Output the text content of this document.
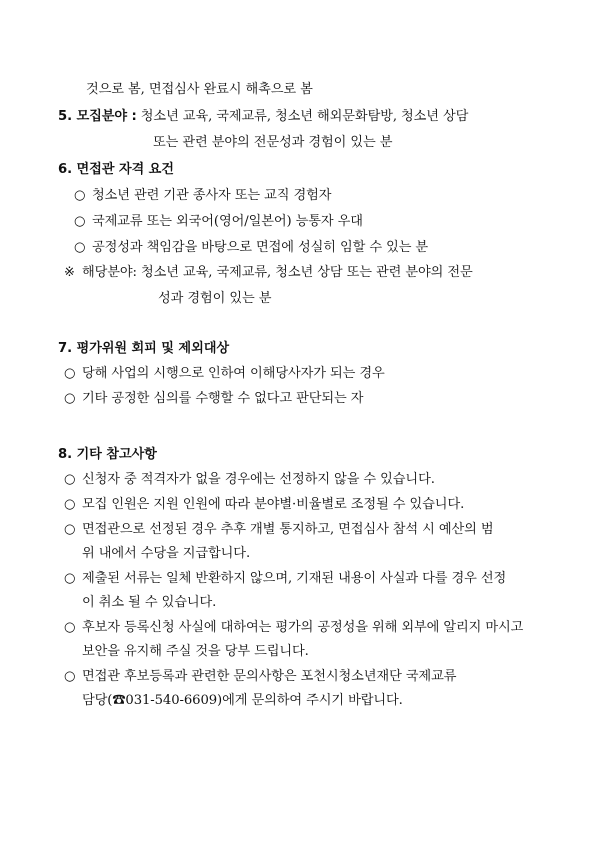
것으로 봄, 면접심사 완료시 해촉으로 봄
5. 모집분야 : 청소년 교육, 국제교류, 청소년 해외문화탐방, 청소년 상담
또는 관련 분야의 전문성과 경험이 있는 분
6. 면접관 자격 요건
○ 청소년 관련 기관 종사자 또는 교직 경험자
○ 국제교류 또는 외국어(영어/일본어) 능통자 우대
○ 공정성과 책임감을 바탕으로 면접에 성실히 임할 수 있는 분
※ 해당분야: 청소년 교육, 국제교류, 청소년 상담 또는 관련 분야의 전문
성과 경험이 있는 분
7. 평가위원 회피 및 제외대상
○ 당해 사업의 시행으로 인하여 이해당사자가 되는 경우
○ 기타 공정한 심의를 수행할 수 없다고 판단되는 자
8. 기타 참고사항
○ 신청자 중 적격자가 없을 경우에는 선정하지 않을 수 있습니다.
○ 모집 인원은 지원 인원에 따라 분야별·비율별로 조정될 수 있습니다.
○ 면접관으로 선정된 경우 추후 개별 통지하고, 면접심사 참석 시 예산의 범
위 내에서 수당을 지급합니다.
○ 제출된 서류는 일체 반환하지 않으며, 기재된 내용이 사실과 다를 경우 선정
이 취소 될 수 있습니다.
○ 후보자 등록신청 사실에 대하여는 평가의 공정성을 위해 외부에 알리지 마시고
보안을 유지해 주실 것을 당부 드립니다.
○ 면접관 후보등록과 관련한 문의사항은 포천시청소년재단 국제교류
담당(☎031-540-6609)에게 문의하여 주시기 바랍니다.
